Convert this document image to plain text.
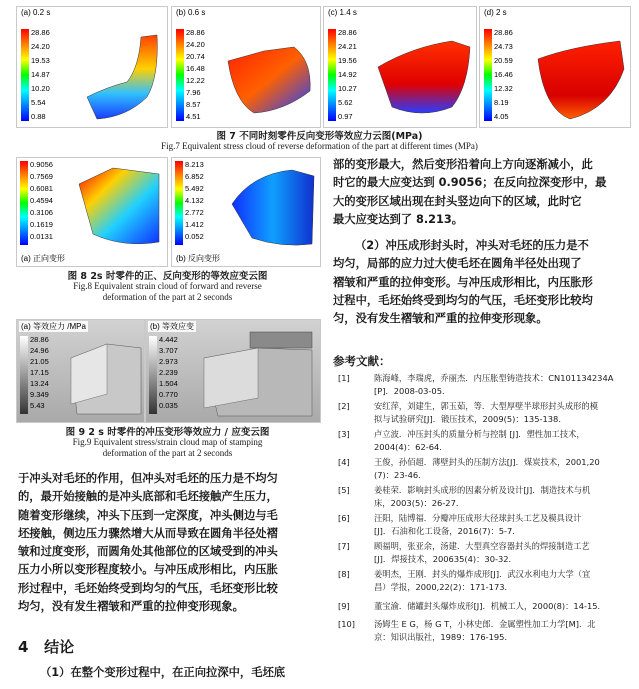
(a) 0.2 s
28.86
24.20
19.53
14.87
10.20
5.54
0.88
(b) 0.6 s
28.86
24.20
20.74
16.48
12.22
7.96
8.57
4.51
(c) 1.4 s
28.86
24.21
19.56
14.92
10.27
5.62
0.97
(d) 2 s
28.86
24.73
20.59
16.46
12.32
8.19
4.05
图 7 不同时刻零件反向变形等效应力云图(MPa)
Fig.7 Equivalent stress cloud of reverse deformation of the part at different times (MPa)
0.9056
0.7569
0.6081
0.4594
0.3106
0.1619
0.0131
(a) 正向变形
8.213
6.852
5.492
4.132
2.772
1.412
0.052
(b) 反向变形
图 8 2s 时零件的正、反向变形的等效应变云图
Fig.8 Equivalent strain cloud of forward and reverse
deformation of the part at 2 seconds
(a) 等效应力 /MPa
28.86
24.96
21.05
17.15
13.24
9.349
5.43
(b) 等效应变
4.442
3.707
2.973
2.239
1.504
0.770
0.035
图 9 2 s 时零件的冲压变形等效应力 / 应变云图
Fig.9 Equivalent stress/strain cloud map of stamping
deformation of the part at 2 seconds
部的变形最大，然后变形沿着向上方向逐渐减小，此
时它的最大应变达到 0.9056；在反向拉深变形中，最
大的变形区域出现在封头竖边向下的区域，此时它
最大应变达到了 8.213。
（2）冲压成形封头时，冲头对毛坯的压力是不
均匀，局部的应力过大使毛坯在圆角半径处出现了
褶皱和严重的拉伸变形。与冲压成形相比，内压胀形
过程中，毛坯始终受到均匀的气压，毛坯变形比较均
匀，没有发生褶皱和严重的拉伸变形现象。
参考文献：
[1]	陈海峰，李瑞虎，乔丽杰．内压胀型铸造技术：CN101134234A
[P]．2008-03-05．
[2]	安红萍，刘建生，郭玉茹，等．大型厚壁半球形封头成形的模
拟与试验研究[J]．锻压技术，2009(5)：135-138．
[3]	卢立波．冲压封头的质量分析与控制 [J]．塑性加工技术，
2004(4)：62-64．
[4]	王俊，孙佰超．薄壁封头的压制方法[J]．煤炭技术，2001,20
(7)：23-46．
[5]	姜桂荣．影响封头成形的因素分析及设计[J]．制造技术与机
床，2003(5)：26-27．
[6]	汪阳，陆博福．分瓣冲压成形大径球封头工艺及模具设计
[J]．石油和化工设备，2016(7)：5-7．
[7]	顾福明，张亚余，汤建．大型真空容器封头的焊接制造工艺
[J]．焊接技术，200635(4)：30-32．
[8]	姜明杰，王刚．封头的爆炸成形[J]．武汉水利电力大学（宜
昌）学报，2000,22(2)：171-173．
[9]	董宝渝．储罐封头爆炸成形[J]．机械工人，2000(8)：14-15．
[10] 汤姆生 E G，杨 G T，小林史郎．金属塑性加工力学[M]．北
京：知识出版社，1989：176-195．
于冲头对毛坯的作用，但冲头对毛坯的压力是不均匀
的，最开始接触的是冲头底部和毛坯接触产生压力，
随着变形继续，冲头下压到一定深度，冲头侧边与毛
坯接触，侧边压力骤然增大从而导致在圆角半径处褶
皱和过度变形，而圆角处其他部位的区域受到的冲头
压力小所以变形程度较小。与冲压成形相比，内压胀
形过程中，毛坯始终受到均匀的气压，毛坯变形比较
均匀，没有发生褶皱和严重的拉伸变形现象。
4   结论
（1）在整个变形过程中，在正向拉深中，毛坯底
